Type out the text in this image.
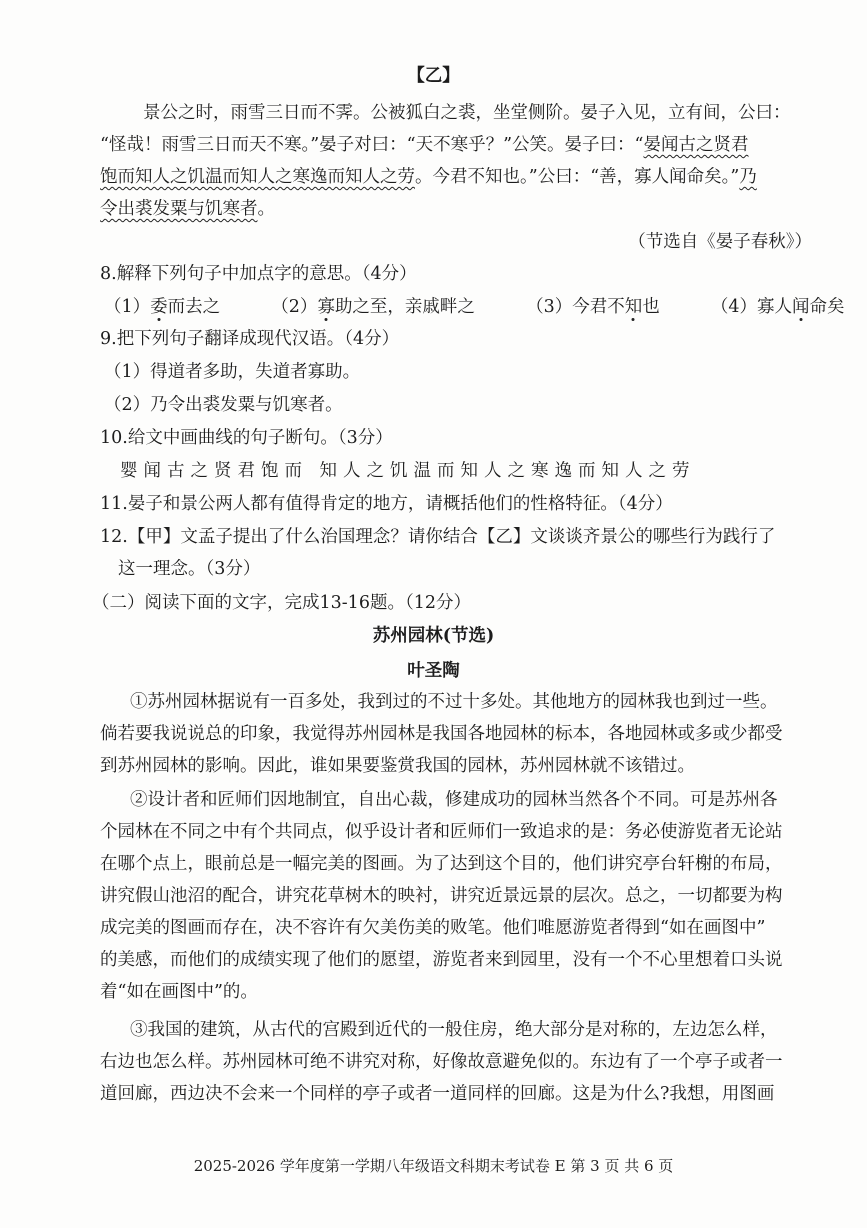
【乙】
景公之时，雨雪三日而不霁。公被狐白之裘，坐堂侧阶。晏子入见，立有间，公曰：
“怪哉！雨雪三日而天不寒。”晏子对曰：“天不寒乎？”公笑。晏子曰：“晏闻古之贤君
饱而知人之饥温而知人之寒逸而知人之劳。今君不知也。”公曰：“善，寡人闻命矣。”乃
令出裘发粟与饥寒者。
（节选自《晏子春秋》）
8.解释下列句子中加点字的意思。（4分）
（1）委而去之	（2）寡助之至，亲戚畔之	（3）今君不知也	（4）寡人闻命矣
9.把下列句子翻译成现代汉语。（4分）
（1）得道者多助，失道者寡助。
（2）乃令出裘发粟与饥寒者。
10.给文中画曲线的句子断句。（3分）
婴闻古之贤君饱而 知人之饥温而知人之寒逸而知人之劳
11.晏子和景公两人都有值得肯定的地方，请概括他们的性格特征。（4分）
12.【甲】文孟子提出了什么治国理念？请你结合【乙】文谈谈齐景公的哪些行为践行了
这一理念。（3分）
（二）阅读下面的文字，完成13-16题。（12分）
苏州园林(节选)
叶圣陶
①苏州园林据说有一百多处，我到过的不过十多处。其他地方的园林我也到过一些。
倘若要我说说总的印象，我觉得苏州园林是我国各地园林的标本，各地园林或多或少都受
到苏州园林的影响。因此，谁如果要鉴赏我国的园林，苏州园林就不该错过。
②设计者和匠师们因地制宜，自出心裁，修建成功的园林当然各个不同。可是苏州各
个园林在不同之中有个共同点，似乎设计者和匠师们一致追求的是：务必使游览者无论站
在哪个点上，眼前总是一幅完美的图画。为了达到这个目的，他们讲究亭台轩榭的布局，
讲究假山池沼的配合，讲究花草树木的映衬，讲究近景远景的层次。总之，一切都要为构
成完美的图画而存在，决不容许有欠美伤美的败笔。他们唯愿游览者得到“如在画图中”
的美感，而他们的成绩实现了他们的愿望，游览者来到园里，没有一个不心里想着口头说
着“如在画图中”的。
③我国的建筑，从古代的宫殿到近代的一般住房，绝大部分是对称的，左边怎么样，
右边也怎么样。苏州园林可绝不讲究对称，好像故意避免似的。东边有了一个亭子或者一
道回廊，西边决不会来一个同样的亭子或者一道同样的回廊。这是为什么?我想，用图画
2025-2026 学年度第一学期八年级语文科期末考试卷 E 第 3 页 共 6 页
